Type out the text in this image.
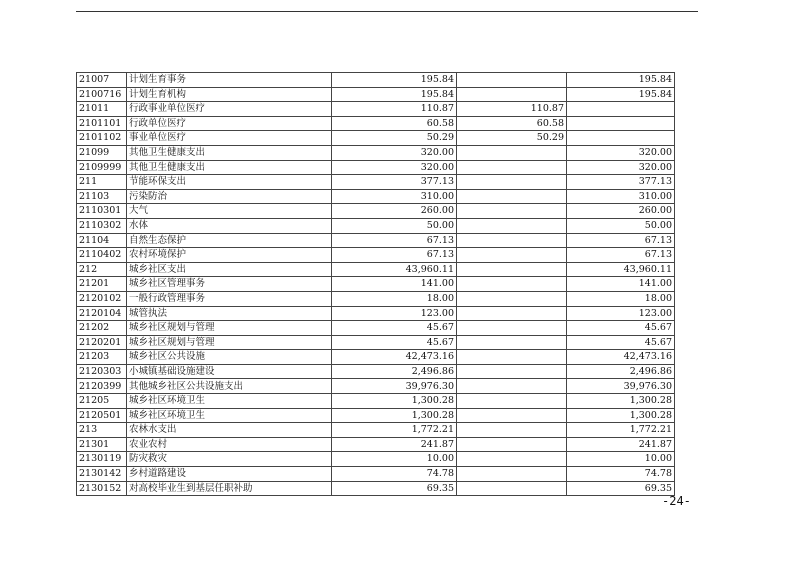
21007	计划生育事务	195.84		195.84
2100716	计划生育机构	195.84		195.84
21011	行政事业单位医疗	110.87	110.87	
2101101	行政单位医疗	60.58	60.58	
2101102	事业单位医疗	50.29	50.29	
21099	其他卫生健康支出	320.00		320.00
2109999	其他卫生健康支出	320.00		320.00
211	节能环保支出	377.13		377.13
21103	污染防治	310.00		310.00
2110301	大气	260.00		260.00
2110302	水体	50.00		50.00
21104	自然生态保护	67.13		67.13
2110402	农村环境保护	67.13		67.13
212	城乡社区支出	43,960.11		43,960.11
21201	城乡社区管理事务	141.00		141.00
2120102	一般行政管理事务	18.00		18.00
2120104	城管执法	123.00		123.00
21202	城乡社区规划与管理	45.67		45.67
2120201	城乡社区规划与管理	45.67		45.67
21203	城乡社区公共设施	42,473.16		42,473.16
2120303	小城镇基础设施建设	2,496.86		2,496.86
2120399	其他城乡社区公共设施支出	39,976.30		39,976.30
21205	城乡社区环境卫生	1,300.28		1,300.28
2120501	城乡社区环境卫生	1,300.28		1,300.28
213	农林水支出	1,772.21		1,772.21
21301	农业农村	241.87		241.87
2130119	防灾救灾	10.00		10.00
2130142	乡村道路建设	74.78		74.78
2130152	对高校毕业生到基层任职补助	69.35		69.35
-24-
